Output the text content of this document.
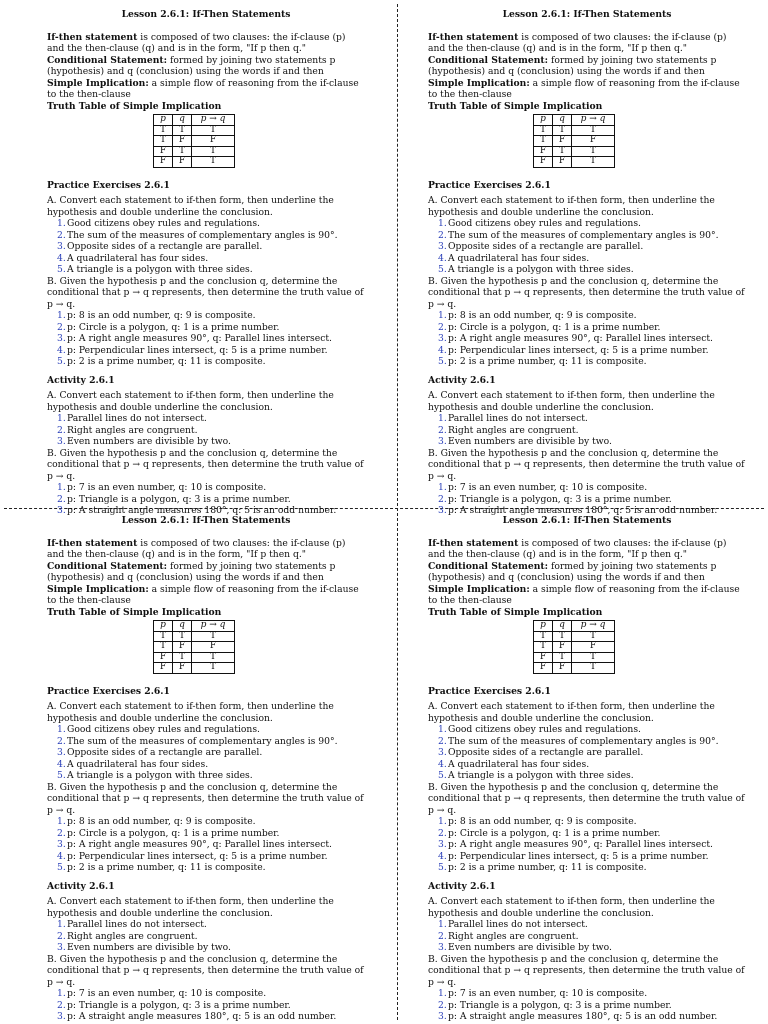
Lesson 2.6.1: If-Then Statements

If-then statement is composed of two clauses: the if-clause (p) and the then-clause (q) and is in the form, "If p then q."

Conditional Statement: formed by joining two statements p (hypothesis) and q (conclusion) using the words if and then

Simple Implication: a simple flow of reasoning from the if-clause to the then-clause

Truth Table of Simple Implication
p	q	p → q
T	T	T
T	F	F
F	T	T
F	F	T
Practice Exercises 2.6.1

A. Convert each statement to if-then form, then underline the hypothesis and double underline the conclusion.

1.Good citizens obey rules and regulations.
2.The sum of the measures of complementary angles is 90°.
3.Opposite sides of a rectangle are parallel.
4.A quadrilateral has four sides.
5.A triangle is a polygon with three sides.

B. Given the hypothesis p and the conclusion q, determine the conditional that p → q represents, then determine the truth value of p → q.

1.p: 8 is an odd number, q: 9 is composite.
2.p: Circle is a polygon, q: 1 is a prime number.
3.p: A right angle measures 90°, q: Parallel lines intersect.
4.p: Perpendicular lines intersect, q: 5 is a prime number.
5.p: 2 is a prime number, q: 11 is composite.
Activity 2.6.1

A. Convert each statement to if-then form, then underline the hypothesis and double underline the conclusion.

1.Parallel lines do not intersect.
2.Right angles are congruent.
3.Even numbers are divisible by two.

B. Given the hypothesis p and the conclusion q, determine the conditional that p → q represents, then determine the truth value of p → q.

1.p: 7 is an even number, q: 10 is composite.
2.p: Triangle is a polygon, q: 3 is a prime number.
3.p: A straight angle measures 180°, q: 5 is an odd number.
Lesson 2.6.1: If-Then Statements

If-then statement is composed of two clauses: the if-clause (p) and the then-clause (q) and is in the form, "If p then q."

Conditional Statement: formed by joining two statements p (hypothesis) and q (conclusion) using the words if and then

Simple Implication: a simple flow of reasoning from the if-clause to the then-clause

Truth Table of Simple Implication
p	q	p → q
T	T	T
T	F	F
F	T	T
F	F	T
Practice Exercises 2.6.1

A. Convert each statement to if-then form, then underline the hypothesis and double underline the conclusion.

1.Good citizens obey rules and regulations.
2.The sum of the measures of complementary angles is 90°.
3.Opposite sides of a rectangle are parallel.
4.A quadrilateral has four sides.
5.A triangle is a polygon with three sides.

B. Given the hypothesis p and the conclusion q, determine the conditional that p → q represents, then determine the truth value of p → q.

1.p: 8 is an odd number, q: 9 is composite.
2.p: Circle is a polygon, q: 1 is a prime number.
3.p: A right angle measures 90°, q: Parallel lines intersect.
4.p: Perpendicular lines intersect, q: 5 is a prime number.
5.p: 2 is a prime number, q: 11 is composite.
Activity 2.6.1

A. Convert each statement to if-then form, then underline the hypothesis and double underline the conclusion.

1.Parallel lines do not intersect.
2.Right angles are congruent.
3.Even numbers are divisible by two.

B. Given the hypothesis p and the conclusion q, determine the conditional that p → q represents, then determine the truth value of p → q.

1.p: 7 is an even number, q: 10 is composite.
2.p: Triangle is a polygon, q: 3 is a prime number.
3.p: A straight angle measures 180°, q: 5 is an odd number.
Lesson 2.6.1: If-Then Statements

If-then statement is composed of two clauses: the if-clause (p) and the then-clause (q) and is in the form, "If p then q."

Conditional Statement: formed by joining two statements p (hypothesis) and q (conclusion) using the words if and then

Simple Implication: a simple flow of reasoning from the if-clause to the then-clause

Truth Table of Simple Implication
p	q	p → q
T	T	T
T	F	F
F	T	T
F	F	T
Practice Exercises 2.6.1

A. Convert each statement to if-then form, then underline the hypothesis and double underline the conclusion.

1.Good citizens obey rules and regulations.
2.The sum of the measures of complementary angles is 90°.
3.Opposite sides of a rectangle are parallel.
4.A quadrilateral has four sides.
5.A triangle is a polygon with three sides.

B. Given the hypothesis p and the conclusion q, determine the conditional that p → q represents, then determine the truth value of p → q.

1.p: 8 is an odd number, q: 9 is composite.
2.p: Circle is a polygon, q: 1 is a prime number.
3.p: A right angle measures 90°, q: Parallel lines intersect.
4.p: Perpendicular lines intersect, q: 5 is a prime number.
5.p: 2 is a prime number, q: 11 is composite.
Activity 2.6.1

A. Convert each statement to if-then form, then underline the hypothesis and double underline the conclusion.

1.Parallel lines do not intersect.
2.Right angles are congruent.
3.Even numbers are divisible by two.

B. Given the hypothesis p and the conclusion q, determine the conditional that p → q represents, then determine the truth value of p → q.

1.p: 7 is an even number, q: 10 is composite.
2.p: Triangle is a polygon, q: 3 is a prime number.
3.p: A straight angle measures 180°, q: 5 is an odd number.
Lesson 2.6.1: If-Then Statements

If-then statement is composed of two clauses: the if-clause (p) and the then-clause (q) and is in the form, "If p then q."

Conditional Statement: formed by joining two statements p (hypothesis) and q (conclusion) using the words if and then

Simple Implication: a simple flow of reasoning from the if-clause to the then-clause

Truth Table of Simple Implication
p	q	p → q
T	T	T
T	F	F
F	T	T
F	F	T
Practice Exercises 2.6.1

A. Convert each statement to if-then form, then underline the hypothesis and double underline the conclusion.

1.Good citizens obey rules and regulations.
2.The sum of the measures of complementary angles is 90°.
3.Opposite sides of a rectangle are parallel.
4.A quadrilateral has four sides.
5.A triangle is a polygon with three sides.

B. Given the hypothesis p and the conclusion q, determine the conditional that p → q represents, then determine the truth value of p → q.

1.p: 8 is an odd number, q: 9 is composite.
2.p: Circle is a polygon, q: 1 is a prime number.
3.p: A right angle measures 90°, q: Parallel lines intersect.
4.p: Perpendicular lines intersect, q: 5 is a prime number.
5.p: 2 is a prime number, q: 11 is composite.
Activity 2.6.1

A. Convert each statement to if-then form, then underline the hypothesis and double underline the conclusion.

1.Parallel lines do not intersect.
2.Right angles are congruent.
3.Even numbers are divisible by two.

B. Given the hypothesis p and the conclusion q, determine the conditional that p → q represents, then determine the truth value of p → q.

1.p: 7 is an even number, q: 10 is composite.
2.p: Triangle is a polygon, q: 3 is a prime number.
3.p: A straight angle measures 180°, q: 5 is an odd number.
